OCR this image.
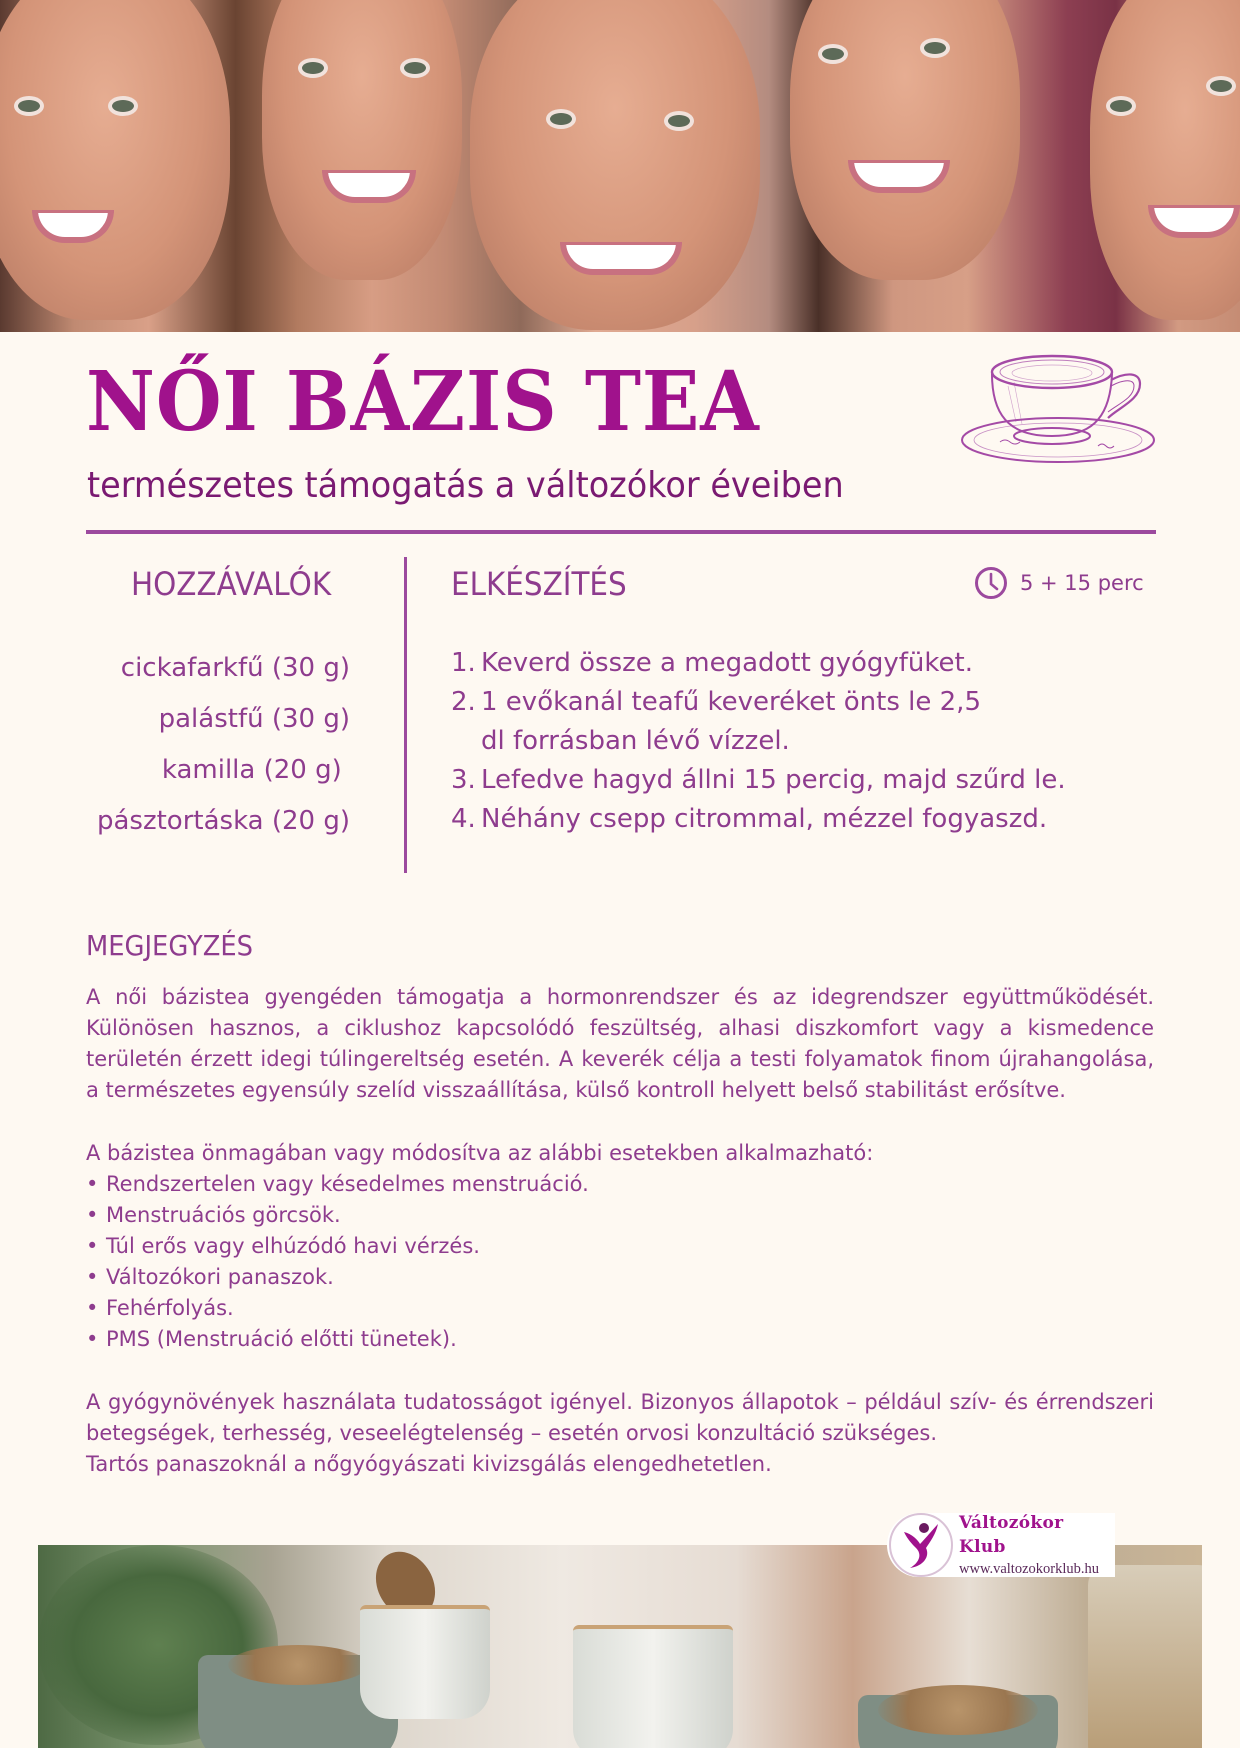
NŐI BÁZIS TEA
természetes támogatás a változókor éveiben
HOZZÁVALÓK
cickafarkfű (30 g)
palástfű (30 g)
kamilla (20 g)
pásztortáska (20 g)
ELKÉSZÍTÉS	5 + 15 perc
1. Keverd össze a megadott gyógyfüket.
2. 1 evőkanál teafű keveréket önts le 2,5 dl forrásban lévő vízzel.
3. Lefedve hagyd állni 15 percig, majd szűrd le.
4. Néhány csepp citrommal, mézzel fogyaszd.
MEGJEGYZÉS
A női bázistea gyengéden támogatja a hormonrendszer és az idegrendszer együttműködését.
Különösen hasznos, a ciklushoz kapcsolódó feszültség, alhasi diszkomfort vagy a kismedence
területén érzett idegi túlingereltség esetén. A keverék célja a testi folyamatok finom újrahangolása,
a természetes egyensúly szelíd visszaállítása, külső kontroll helyett belső stabilitást erősítve.
A bázistea önmagában vagy módosítva az alábbi esetekben alkalmazható:
• Rendszertelen vagy késedelmes menstruáció.
• Menstruációs görcsök.
• Túl erős vagy elhúzódó havi vérzés.
• Változókori panaszok.
• Fehérfolyás.
• PMS (Menstruáció előtti tünetek).
A gyógynövények használata tudatosságot igényel. Bizonyos állapotok – például szív- és érrendszeri
betegségek, terhesség, veseelégtelenség – esetén orvosi konzultáció szükséges.
Tartós panaszoknál a nőgyógyászati kivizsgálás elengedhetetlen.
Változókor Klub
www.valtozokorklub.hu
